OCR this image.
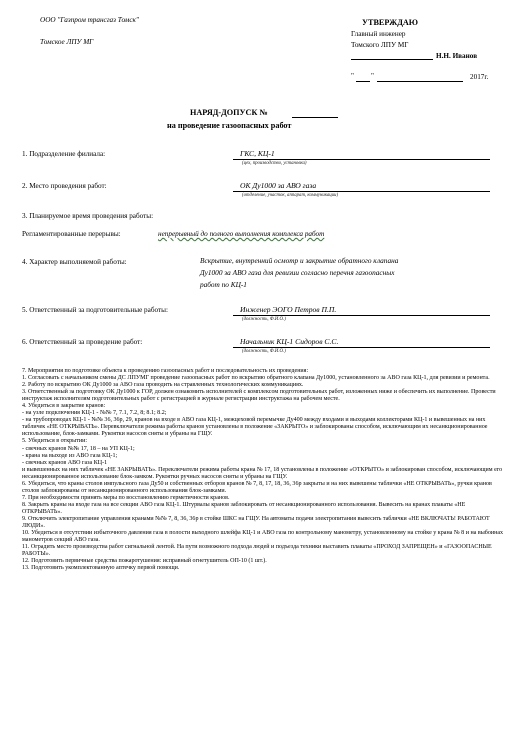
ООО "Газпром трансгаз Томск"
Томское ЛПУ МГ
УТВЕРЖДАЮ
Главный инженер
Томского ЛПУ МГ
Н.Н. Иванов
" "	2017г.
НАРЯД-ДОПУСК №
на проведение газоопасных работ
1. Подразделение филиала:	ГКС, КЦ-1
(цех, производство, установка)
2. Место проведения работ:	ОК Ду1000 за АВО газа
(отделение, участок, аппарат, коммуникации)
3. Планируемое время проведения работы:
Регламентированные перерывы:	непрерывный до полного выполнения комплекса работ
4. Характер выполняемой работы:	Вскрытие, внутренний осмотр и закрытие обратного клапана
Ду1000 за АВО газа для ревизии согласно перечня газоопасных
работ по КЦ-1
5. Ответственный за подготовительные работы:	Инженер ЭОГО Петров П.П.
(должность, Ф.И.О.)
6. Ответственный за проведение работ:	Начальник КЦ-1 Сидоров С.С.
(должность, Ф.И.О.)

7. Мероприятия по подготовке объекта к проведению газоопасных работ и последовательность их проведения:

1. Согласовать с начальником смены ДС ЛПУМГ проведение газоопасных работ по вскрытию обратного клапана Ду1000, установленного за АВО газа КЦ-1, для ревизии и ремонта.

2. Работу по вскрытию ОК Ду1000 за АВО газа проводить на стравленных технологических коммуникациях.

3. Ответственный за подготовку ОК Ду1000 к ГОР, должен ознакомить исполнителей с комплексом подготовительных работ, изложенных ниже и обеспечить их выполнение. Провести инструктаж исполнителям подготовительных работ с регистрацией в журнале регистрации инструктажа на рабочем месте.

4. Убедиться в закрытие кранов:

- на узле подключения КЦ-1 - №№ 7, 7.1, 7.2, 8; 8.1; 8.2;

- на трубопроводах КЦ-1 - №№ 36, 36р, 29, кранов на входе в АВО газа КЦ-1, межцеховой перемычке Ду400 между входами и выходами коллекторами КЦ-1 и вывешенных на них табличек «НЕ ОТКРЫВАТЬ». Перевключатели режима работы кранов установлены в положение «ЗАКРЫТО» и заблокированы способом, исключающим их несанкционированное использование, блок-замками. Рукоятки насосов сняты и убраны на ГЩУ.

5. Убедиться в открытии:

- свечных кранов №№ 17, 18 – на УП КЦ-1;

- крана на выходе из АВО газа КЦ-1;

- свечных кранов АВО газа КЦ-1

и вывешенных на них табличек «НЕ ЗАКРЫВАТЬ». Переключатели режима работы крана № 17, 18 установлены в положение «ОТКРЫТО» и заблокирован способом, исключающим его несанкционированное использование блок-замком. Рукоятки ручных насосов сняты и убраны на ГЩУ.

6. Убедиться, что краны столов импульсного газа Ду50 и собственных отборов кранов № 7, 8, 17, 18, 36, 36р закрыты и на них вывешены таблички «НЕ ОТКРЫВАТЬ», ручки кранов столов заблокированы от несанкционированного использования блок-замками.

7. При необходимости принять меры по восстановлению герметичности кранов.

8. Закрыть краны на входе газа на все секции АВО газа КЦ-1. Штурвалы кранов заблокировать от несанкционированного использования. Вывесить на кранах плакаты «НЕ ОТКРЫВАТЬ».

9. Отключить электропитание управления кранами №№ 7, 8, 36, 36р в стойке ШКС на ГЩУ. На автоматы подачи электропитания вывесить таблички «НЕ ВКЛЮЧАТЬ! РАБОТАЮТ ЛЮДИ».

10. Убедиться в отсутствии избыточного давления газа в полости выходного шлейфа КЦ-1 и АВО газа по контрольному манометру, установленному на стойке у крана № 8 и на выбоинах манометров секций АВО газа.

11. Оградить место производства работ сигнальной лентой. На пути возможного подхода людей и подъезда техники выставить плакаты «ПРОХОД ЗАПРЕЩЕН» и «ГАЗООПАСНЫЕ РАБОТЫ».

12. Подготовить первичные средства пожаротушения: исправный огнетушитель ОП-10 (1 шт.).

13. Подготовить укомплектованную аптечку первой помощи.
